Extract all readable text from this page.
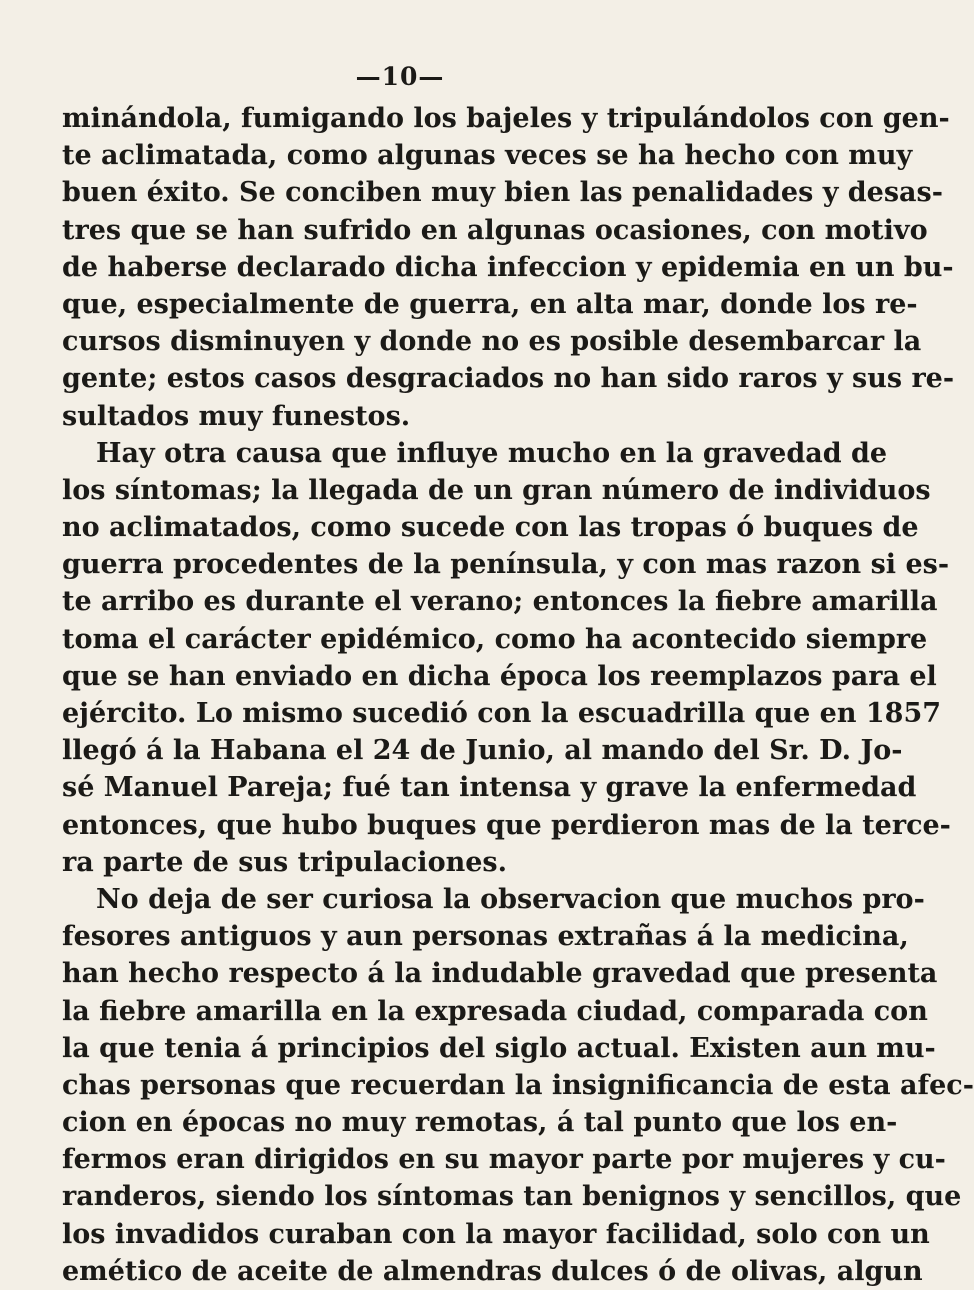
—10—
minándola, fumigando los bajeles y tripulándolos con gen-
te aclimatada, como algunas veces se ha hecho con muy
buen éxito. Se conciben muy bien las penalidades y desas-
tres que se han sufrido en algunas ocasiones, con motivo
de haberse declarado dicha infeccion y epidemia en un bu-
que, especialmente de guerra, en alta mar, donde los re-
cursos disminuyen y donde no es posible desembarcar la
gente; estos casos desgraciados no han sido raros y sus re-
sultados muy funestos.
Hay otra causa que influye mucho en la gravedad de
los síntomas; la llegada de un gran número de individuos
no aclimatados, como sucede con las tropas ó buques de
guerra procedentes de la península, y con mas razon si es-
te arribo es durante el verano; entonces la fiebre amarilla
toma el carácter epidémico, como ha acontecido siempre
que se han enviado en dicha época los reemplazos para el
ejército. Lo mismo sucedió con la escuadrilla que en 1857
llegó á la Habana el 24 de Junio, al mando del Sr. D. Jo-
sé Manuel Pareja; fué tan intensa y grave la enfermedad
entonces, que hubo buques que perdieron mas de la terce-
ra parte de sus tripulaciones.
No deja de ser curiosa la observacion que muchos pro-
fesores antiguos y aun personas extrañas á la medicina,
han hecho respecto á la indudable gravedad que presenta
la fiebre amarilla en la expresada ciudad, comparada con
la que tenia á principios del siglo actual. Existen aun mu-
chas personas que recuerdan la insignificancia de esta afec-
cion en épocas no muy remotas, á tal punto que los en-
fermos eran dirigidos en su mayor parte por mujeres y cu-
randeros, siendo los síntomas tan benignos y sencillos, que
los invadidos curaban con la mayor facilidad, solo con un
emético de aceite de almendras dulces ó de olivas, algun
